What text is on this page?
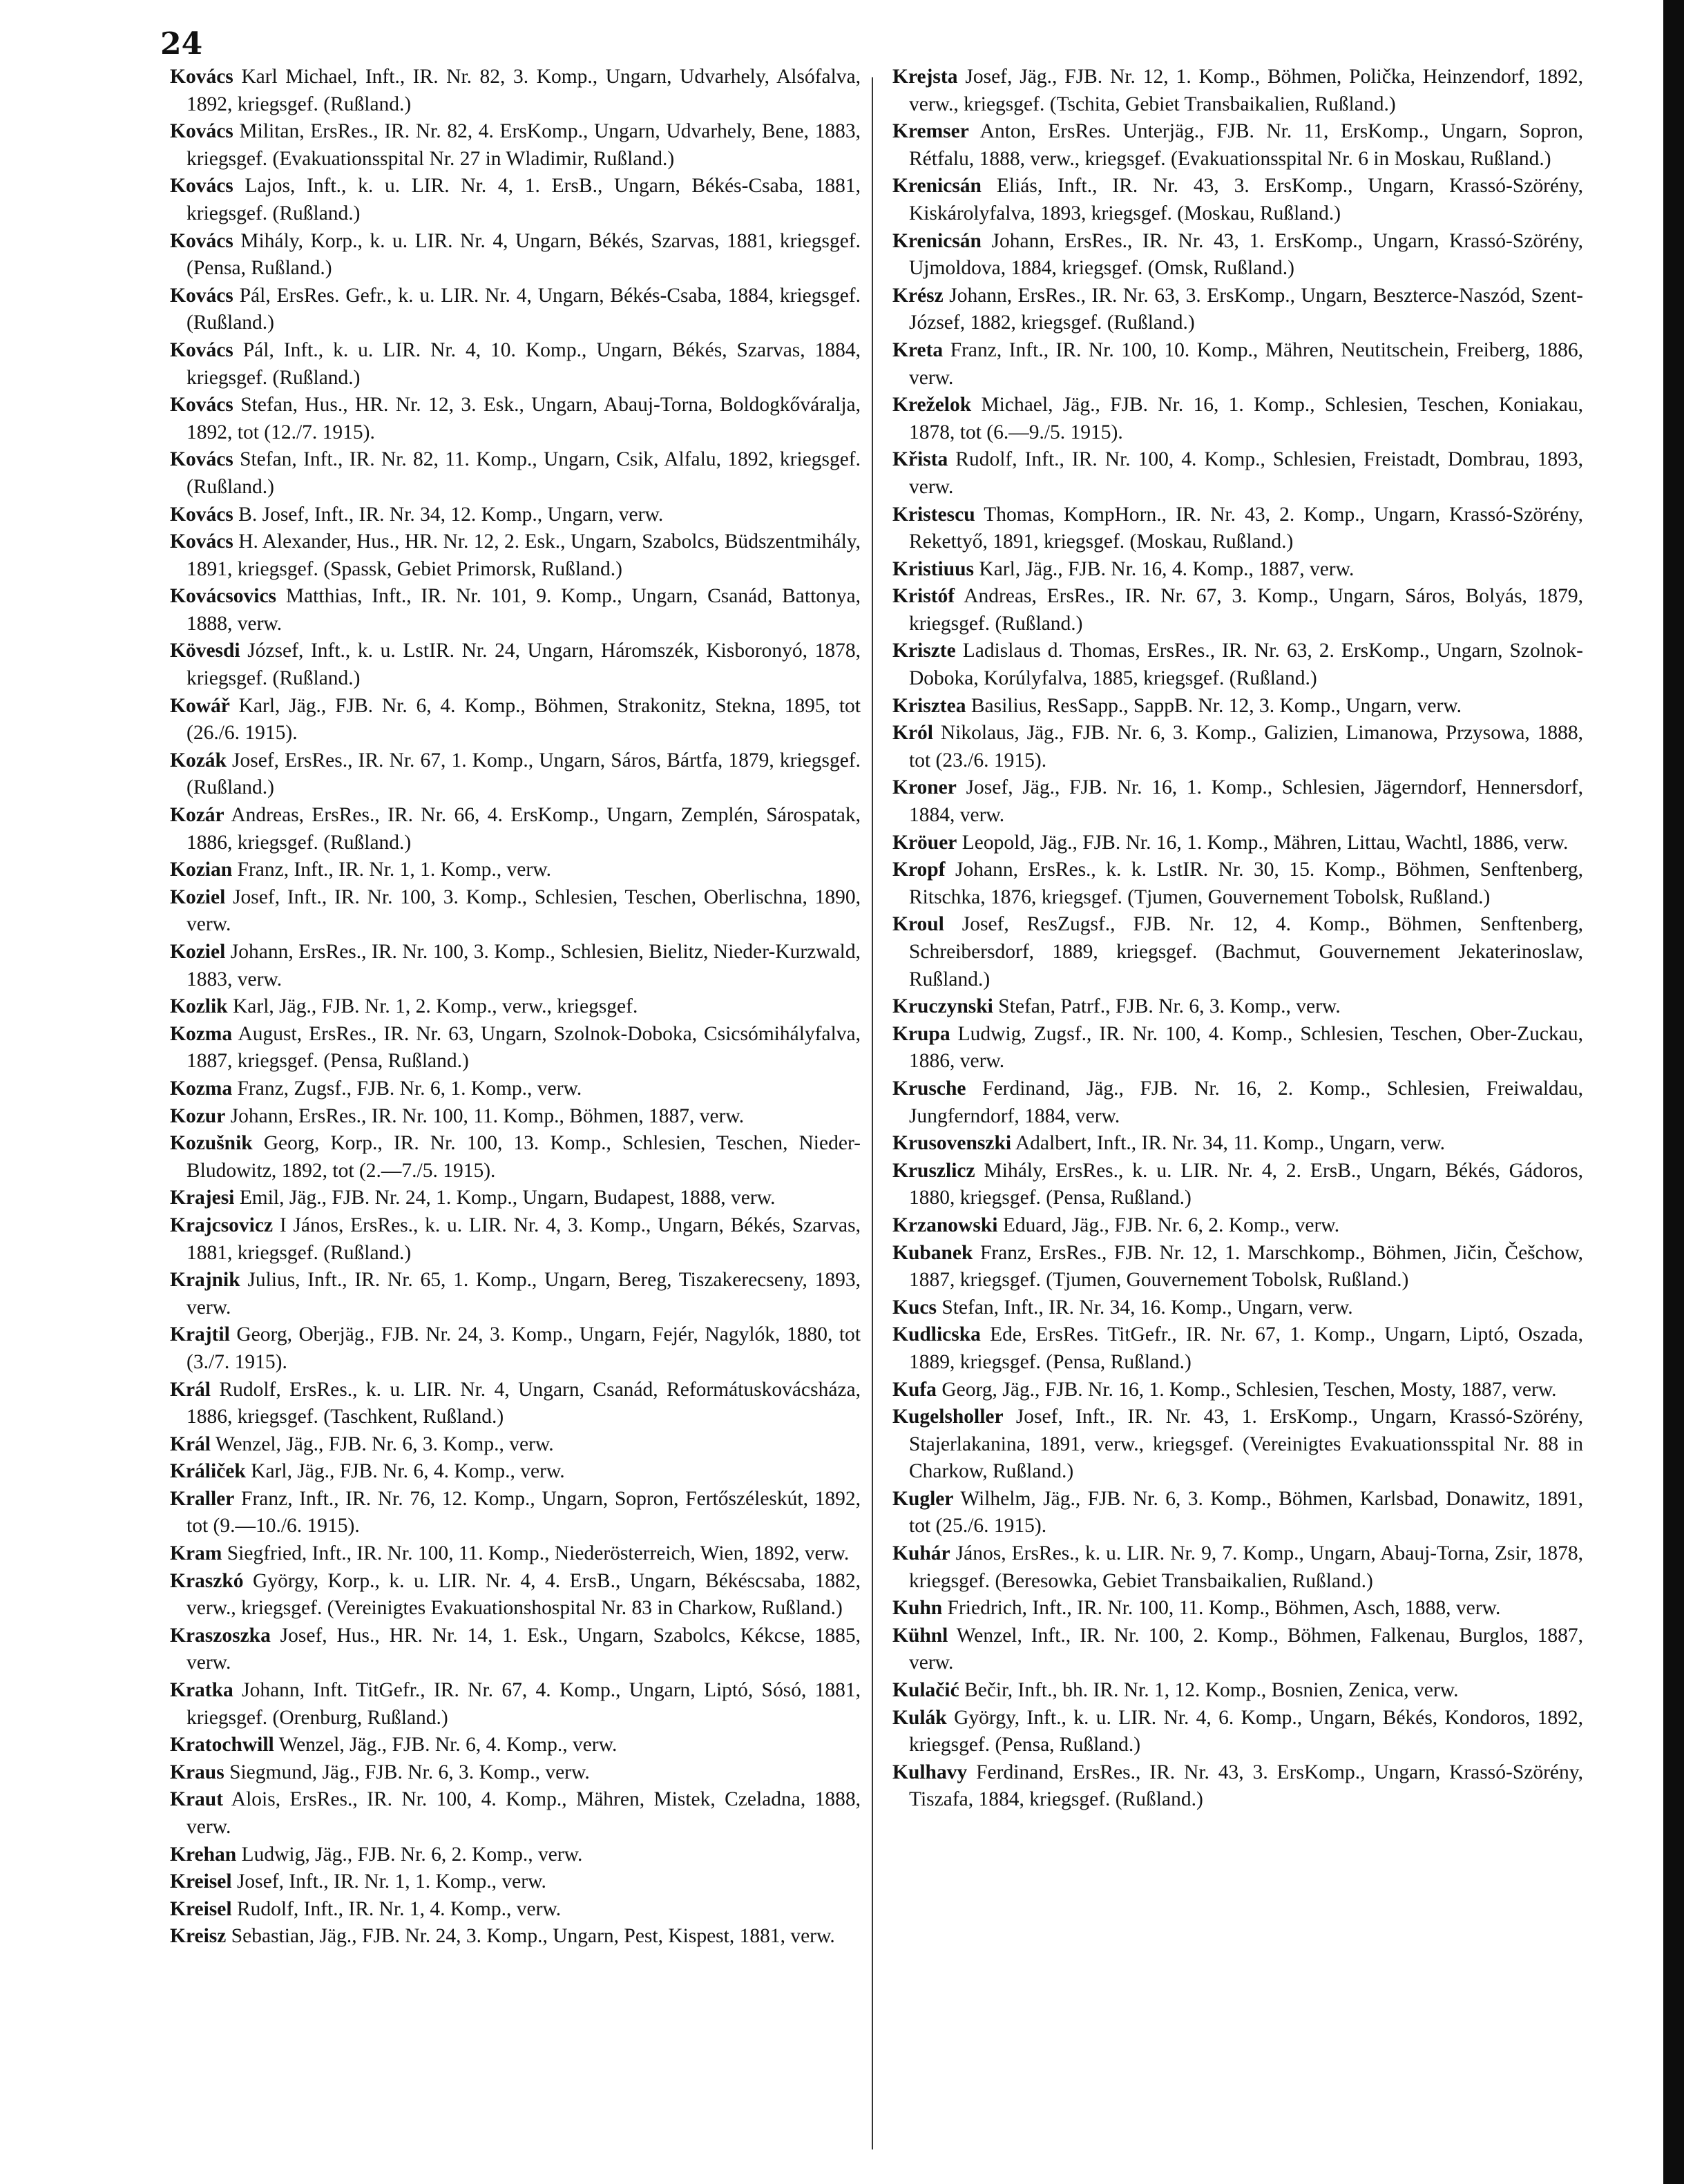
24
Kovács Karl Michael, Inft., IR. Nr. 82, 3. Komp., Ungarn, Udvarhely, Alsófalva, 1892, kriegsgef. (Rußland.)
Kovács Militan, ErsRes., IR. Nr. 82, 4. ErsKomp., Ungarn, Udvarhely, Bene, 1883, kriegsgef. (Evakuationsspital Nr. 27 in Wladimir, Rußland.)
Kovács Lajos, Inft., k. u. LIR. Nr. 4, 1. ErsB., Ungarn, Békés-Csaba, 1881, kriegsgef. (Rußland.)
Kovács Mihály, Korp., k. u. LIR. Nr. 4, Ungarn, Békés, Szarvas, 1881, kriegsgef. (Pensa, Rußland.)
Kovács Pál, ErsRes. Gefr., k. u. LIR. Nr. 4, Ungarn, Békés-Csaba, 1884, kriegsgef. (Rußland.)
Kovács Pál, Inft., k. u. LIR. Nr. 4, 10. Komp., Ungarn, Békés, Szarvas, 1884, kriegsgef. (Rußland.)
Kovács Stefan, Hus., HR. Nr. 12, 3. Esk., Ungarn, Abauj-Torna, Boldogkőváralja, 1892, tot (12./7. 1915).
Kovács Stefan, Inft., IR. Nr. 82, 11. Komp., Ungarn, Csik, Alfalu, 1892, kriegsgef. (Rußland.)
Kovács B. Josef, Inft., IR. Nr. 34, 12. Komp., Ungarn, verw.
Kovács H. Alexander, Hus., HR. Nr. 12, 2. Esk., Ungarn, Szabolcs, Büdszentmihály, 1891, kriegsgef. (Spassk, Gebiet Primorsk, Rußland.)
Kovácsovics Matthias, Inft., IR. Nr. 101, 9. Komp., Ungarn, Csanád, Battonya, 1888, verw.
Kövesdi József, Inft., k. u. LstIR. Nr. 24, Ungarn, Háromszék, Kisboronyó, 1878, kriegsgef. (Rußland.)
Kowář Karl, Jäg., FJB. Nr. 6, 4. Komp., Böhmen, Strakonitz, Stekna, 1895, tot (26./6. 1915).
Kozák Josef, ErsRes., IR. Nr. 67, 1. Komp., Ungarn, Sáros, Bártfa, 1879, kriegsgef. (Rußland.)
Kozár Andreas, ErsRes., IR. Nr. 66, 4. ErsKomp., Ungarn, Zemplén, Sárospatak, 1886, kriegsgef. (Rußland.)
Kozian Franz, Inft., IR. Nr. 1, 1. Komp., verw.
Koziel Josef, Inft., IR. Nr. 100, 3. Komp., Schlesien, Teschen, Oberlischna, 1890, verw.
Koziel Johann, ErsRes., IR. Nr. 100, 3. Komp., Schlesien, Bielitz, Nieder-Kurzwald, 1883, verw.
Kozlik Karl, Jäg., FJB. Nr. 1, 2. Komp., verw., kriegsgef.
Kozma August, ErsRes., IR. Nr. 63, Ungarn, Szolnok-Doboka, Csicsómihályfalva, 1887, kriegsgef. (Pensa, Rußland.)
Kozma Franz, Zugsf., FJB. Nr. 6, 1. Komp., verw.
Kozur Johann, ErsRes., IR. Nr. 100, 11. Komp., Böhmen, 1887, verw.
Kozušnik Georg, Korp., IR. Nr. 100, 13. Komp., Schlesien, Teschen, Nieder-Bludowitz, 1892, tot (2.—7./5. 1915).
Krajesi Emil, Jäg., FJB. Nr. 24, 1. Komp., Ungarn, Budapest, 1888, verw.
Krajcsovicz I János, ErsRes., k. u. LIR. Nr. 4, 3. Komp., Ungarn, Békés, Szarvas, 1881, kriegsgef. (Rußland.)
Krajnik Julius, Inft., IR. Nr. 65, 1. Komp., Ungarn, Bereg, Tiszakerecseny, 1893, verw.
Krajtil Georg, Oberjäg., FJB. Nr. 24, 3. Komp., Ungarn, Fejér, Nagylók, 1880, tot (3./7. 1915).
Král Rudolf, ErsRes., k. u. LIR. Nr. 4, Ungarn, Csanád, Reformátuskovácsháza, 1886, kriegsgef. (Taschkent, Rußland.)
Král Wenzel, Jäg., FJB. Nr. 6, 3. Komp., verw.
Králiček Karl, Jäg., FJB. Nr. 6, 4. Komp., verw.
Kraller Franz, Inft., IR. Nr. 76, 12. Komp., Ungarn, Sopron, Fertőszéleskút, 1892, tot (9.—10./6. 1915).
Kram Siegfried, Inft., IR. Nr. 100, 11. Komp., Niederösterreich, Wien, 1892, verw.
Kraszkó György, Korp., k. u. LIR. Nr. 4, 4. ErsB., Ungarn, Békéscsaba, 1882, verw., kriegsgef. (Vereinigtes Evakuationshospital Nr. 83 in Charkow, Rußland.)
Kraszoszka Josef, Hus., HR. Nr. 14, 1. Esk., Ungarn, Szabolcs, Kékcse, 1885, verw.
Kratka Johann, Inft. TitGefr., IR. Nr. 67, 4. Komp., Ungarn, Liptó, Sósó, 1881, kriegsgef. (Orenburg, Rußland.)
Kratochwill Wenzel, Jäg., FJB. Nr. 6, 4. Komp., verw.
Kraus Siegmund, Jäg., FJB. Nr. 6, 3. Komp., verw.
Kraut Alois, ErsRes., IR. Nr. 100, 4. Komp., Mähren, Mistek, Czeladna, 1888, verw.
Krehan Ludwig, Jäg., FJB. Nr. 6, 2. Komp., verw.
Kreisel Josef, Inft., IR. Nr. 1, 1. Komp., verw.
Kreisel Rudolf, Inft., IR. Nr. 1, 4. Komp., verw.
Kreisz Sebastian, Jäg., FJB. Nr. 24, 3. Komp., Ungarn, Pest, Kispest, 1881, verw.
Krejsta Josef, Jäg., FJB. Nr. 12, 1. Komp., Böhmen, Polička, Heinzendorf, 1892, verw., kriegsgef. (Tschita, Gebiet Transbaikalien, Rußland.)
Kremser Anton, ErsRes. Unterjäg., FJB. Nr. 11, ErsKomp., Ungarn, Sopron, Rétfalu, 1888, verw., kriegsgef. (Evakuationsspital Nr. 6 in Moskau, Rußland.)
Krenicsán Eliás, Inft., IR. Nr. 43, 3. ErsKomp., Ungarn, Krassó-Szörény, Kiskárolyfalva, 1893, kriegsgef. (Moskau, Rußland.)
Krenicsán Johann, ErsRes., IR. Nr. 43, 1. ErsKomp., Ungarn, Krassó-Szörény, Ujmoldova, 1884, kriegsgef. (Omsk, Rußland.)
Krész Johann, ErsRes., IR. Nr. 63, 3. ErsKomp., Ungarn, Beszterce-Naszód, Szent-József, 1882, kriegsgef. (Rußland.)
Kreta Franz, Inft., IR. Nr. 100, 10. Komp., Mähren, Neutitschein, Freiberg, 1886, verw.
Kreželok Michael, Jäg., FJB. Nr. 16, 1. Komp., Schlesien, Teschen, Koniakau, 1878, tot (6.—9./5. 1915).
Křista Rudolf, Inft., IR. Nr. 100, 4. Komp., Schlesien, Freistadt, Dombrau, 1893, verw.
Kristescu Thomas, KompHorn., IR. Nr. 43, 2. Komp., Ungarn, Krassó-Szörény, Rekettyő, 1891, kriegsgef. (Moskau, Rußland.)
Kristiuus Karl, Jäg., FJB. Nr. 16, 4. Komp., 1887, verw.
Kristóf Andreas, ErsRes., IR. Nr. 67, 3. Komp., Ungarn, Sáros, Bolyás, 1879, kriegsgef. (Rußland.)
Kriszte Ladislaus d. Thomas, ErsRes., IR. Nr. 63, 2. ErsKomp., Ungarn, Szolnok-Doboka, Korúlyfalva, 1885, kriegsgef. (Rußland.)
Krisztea Basilius, ResSapp., SappB. Nr. 12, 3. Komp., Ungarn, verw.
Król Nikolaus, Jäg., FJB. Nr. 6, 3. Komp., Galizien, Limanowa, Przysowa, 1888, tot (23./6. 1915).
Kroner Josef, Jäg., FJB. Nr. 16, 1. Komp., Schlesien, Jägerndorf, Hennersdorf, 1884, verw.
Kröuer Leopold, Jäg., FJB. Nr. 16, 1. Komp., Mähren, Littau, Wachtl, 1886, verw.
Kropf Johann, ErsRes., k. k. LstIR. Nr. 30, 15. Komp., Böhmen, Senftenberg, Ritschka, 1876, kriegsgef. (Tjumen, Gouvernement Tobolsk, Rußland.)
Kroul Josef, ResZugsf., FJB. Nr. 12, 4. Komp., Böhmen, Senftenberg, Schreibersdorf, 1889, kriegsgef. (Bachmut, Gouvernement Jekaterinoslaw, Rußland.)
Kruczynski Stefan, Patrf., FJB. Nr. 6, 3. Komp., verw.
Krupa Ludwig, Zugsf., IR. Nr. 100, 4. Komp., Schlesien, Teschen, Ober-Zuckau, 1886, verw.
Krusche Ferdinand, Jäg., FJB. Nr. 16, 2. Komp., Schlesien, Freiwaldau, Jungferndorf, 1884, verw.
Krusovenszki Adalbert, Inft., IR. Nr. 34, 11. Komp., Ungarn, verw.
Kruszlicz Mihály, ErsRes., k. u. LIR. Nr. 4, 2. ErsB., Ungarn, Békés, Gádoros, 1880, kriegsgef. (Pensa, Rußland.)
Krzanowski Eduard, Jäg., FJB. Nr. 6, 2. Komp., verw.
Kubanek Franz, ErsRes., FJB. Nr. 12, 1. Marschkomp., Böhmen, Jičin, Češchow, 1887, kriegsgef. (Tjumen, Gouvernement Tobolsk, Rußland.)
Kucs Stefan, Inft., IR. Nr. 34, 16. Komp., Ungarn, verw.
Kudlicska Ede, ErsRes. TitGefr., IR. Nr. 67, 1. Komp., Ungarn, Liptó, Oszada, 1889, kriegsgef. (Pensa, Rußland.)
Kufa Georg, Jäg., FJB. Nr. 16, 1. Komp., Schlesien, Teschen, Mosty, 1887, verw.
Kugelsholler Josef, Inft., IR. Nr. 43, 1. ErsKomp., Ungarn, Krassó-Szörény, Stajerlakanina, 1891, verw., kriegsgef. (Vereinigtes Evakuationsspital Nr. 88 in Charkow, Rußland.)
Kugler Wilhelm, Jäg., FJB. Nr. 6, 3. Komp., Böhmen, Karlsbad, Donawitz, 1891, tot (25./6. 1915).
Kuhár János, ErsRes., k. u. LIR. Nr. 9, 7. Komp., Ungarn, Abauj-Torna, Zsir, 1878, kriegsgef. (Beresowka, Gebiet Transbaikalien, Rußland.)
Kuhn Friedrich, Inft., IR. Nr. 100, 11. Komp., Böhmen, Asch, 1888, verw.
Kühnl Wenzel, Inft., IR. Nr. 100, 2. Komp., Böhmen, Falkenau, Burglos, 1887, verw.
Kulačić Bečir, Inft., bh. IR. Nr. 1, 12. Komp., Bosnien, Zenica, verw.
Kulák György, Inft., k. u. LIR. Nr. 4, 6. Komp., Ungarn, Békés, Kondoros, 1892, kriegsgef. (Pensa, Rußland.)
Kulhavy Ferdinand, ErsRes., IR. Nr. 43, 3. ErsKomp., Ungarn, Krassó-Szörény, Tiszafa, 1884, kriegsgef. (Rußland.)
